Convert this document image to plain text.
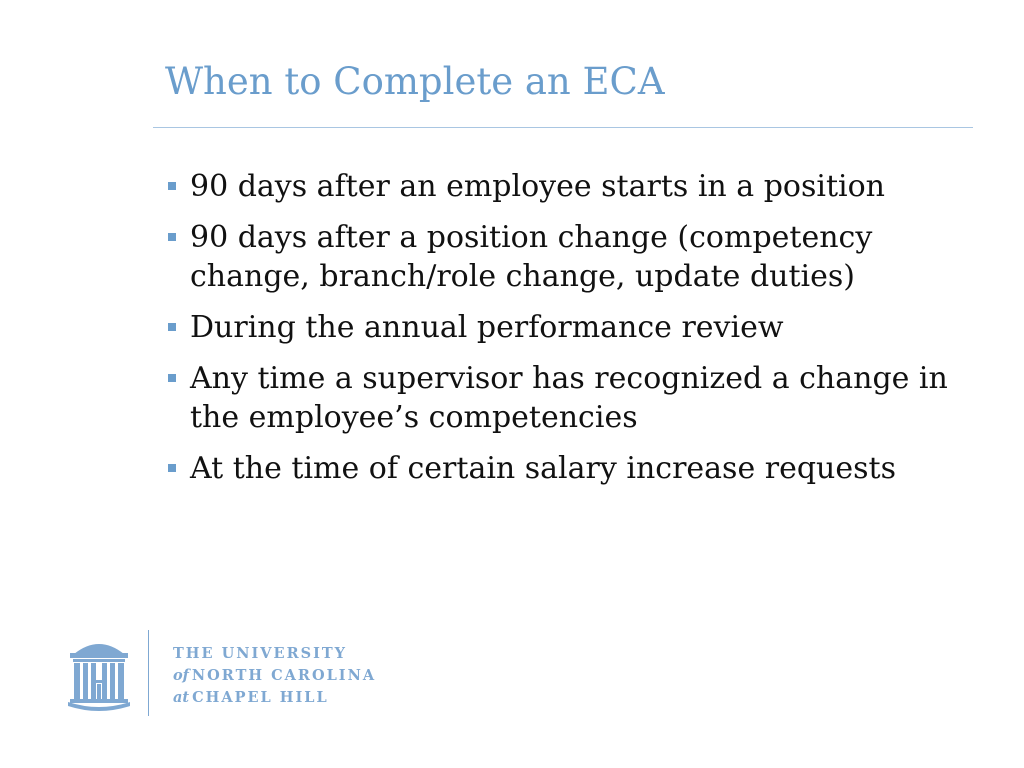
When to Complete an ECA
90 days after an employee starts in a position
90 days after a position change (competency change, branch/role change, update duties)
During the annual performance review
Any time a supervisor has recognized a change in the employee’s competencies
At the time of certain salary increase requests
THE UNIVERSITY
of NORTH CAROLINA
at CHAPEL HILL
